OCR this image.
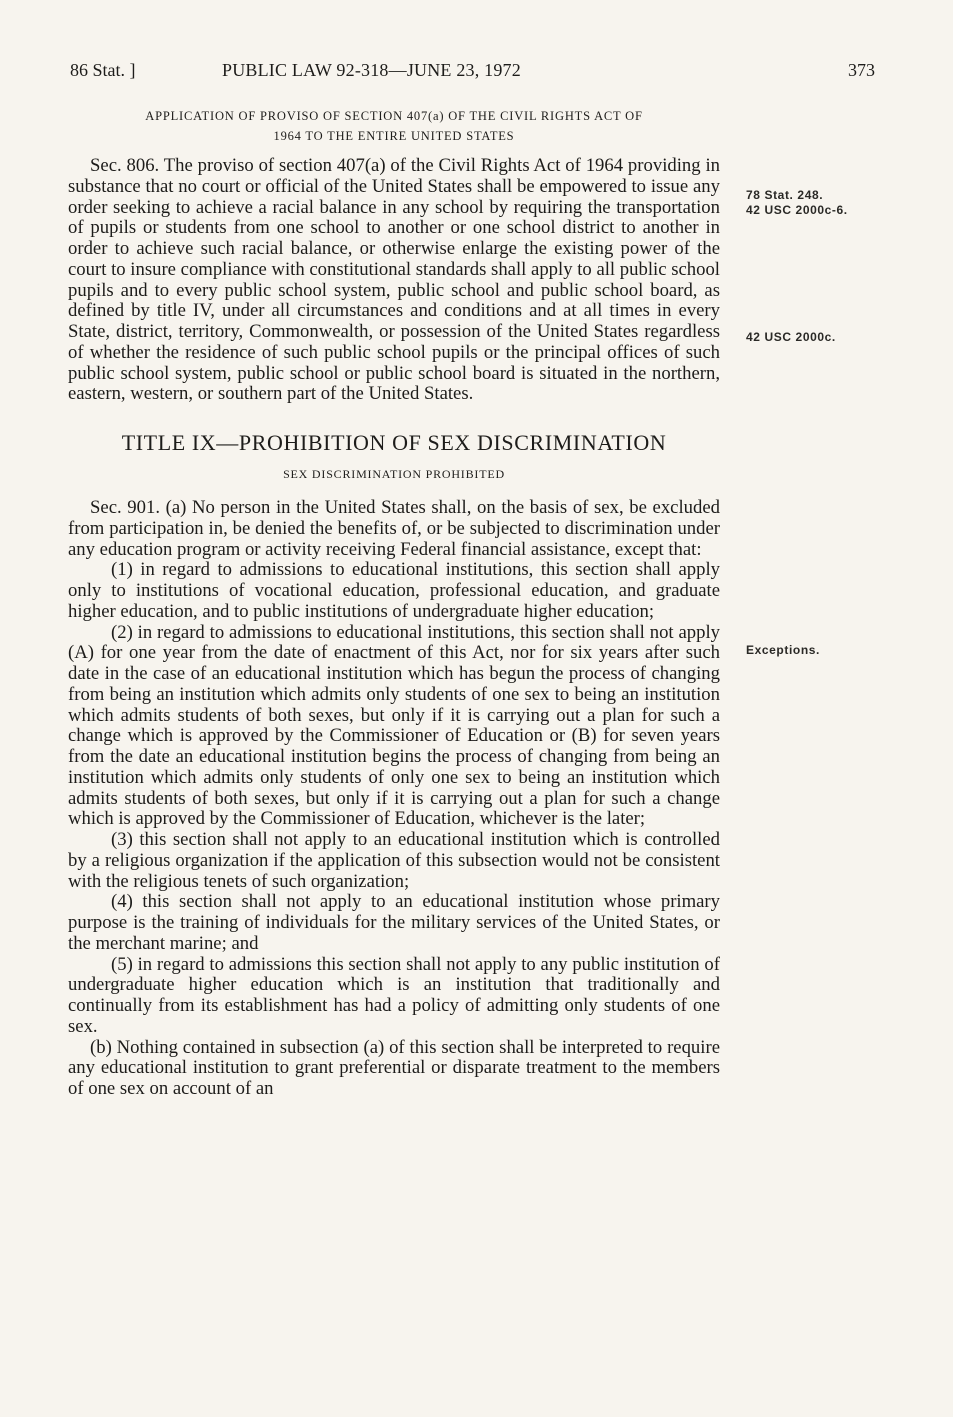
86 Stat. ]	PUBLIC LAW 92-318—JUNE 23, 1972	373
APPLICATION OF PROVISO OF SECTION 407(a) OF THE CIVIL RIGHTS ACT OF
1964 TO THE ENTIRE UNITED STATES

Sec. 806. The proviso of section 407(a) of the Civil Rights Act of 1964 providing in substance that no court or official of the United States shall be empowered to issue any order seeking to achieve a racial balance in any school by requiring the transportation of pupils or students from one school to another or one school district to another in order to achieve such racial balance, or otherwise enlarge the existing power of the court to insure compliance with constitutional standards shall apply to all public school pupils and to every public school system, public school and public school board, as defined by title IV, under all circumstances and conditions and at all times in every State, district, territory, Commonwealth, or possession of the United States regardless of whether the residence of such public school pupils or the principal offices of such public school system, public school or public school board is situated in the northern, eastern, western, or southern part of the United States.

TITLE IX—PROHIBITION OF SEX DISCRIMINATION
SEX DISCRIMINATION PROHIBITED

Sec. 901. (a) No person in the United States shall, on the basis of sex, be excluded from participation in, be denied the benefits of, or be subjected to discrimination under any education program or activity receiving Federal financial assistance, except that:

(1) in regard to admissions to educational institutions, this section shall apply only to institutions of vocational education, professional education, and graduate higher education, and to public institutions of undergraduate higher education;

(2) in regard to admissions to educational institutions, this section shall not apply (A) for one year from the date of enactment of this Act, nor for six years after such date in the case of an educational institution which has begun the process of changing from being an institution which admits only students of one sex to being an institution which admits students of both sexes, but only if it is carrying out a plan for such a change which is approved by the Commissioner of Education or (B) for seven years from the date an educational institution begins the process of changing from being an institution which admits only students of only one sex to being an institution which admits students of both sexes, but only if it is carrying out a plan for such a change which is approved by the Commissioner of Education, whichever is the later;

(3) this section shall not apply to an educational institution which is controlled by a religious organization if the application of this subsection would not be consistent with the religious tenets of such organization;

(4) this section shall not apply to an educational institution whose primary purpose is the training of individuals for the military services of the United States, or the merchant marine; and

(5) in regard to admissions this section shall not apply to any public institution of undergraduate higher education which is an institution that traditionally and continually from its establishment has had a policy of admitting only students of one sex.

(b) Nothing contained in subsection (a) of this section shall be interpreted to require any educational institution to grant preferential or disparate treatment to the members of one sex on account of an

78 Stat. 248.
42 USC 2000c-6.
42 USC 2000c.
Exceptions.
